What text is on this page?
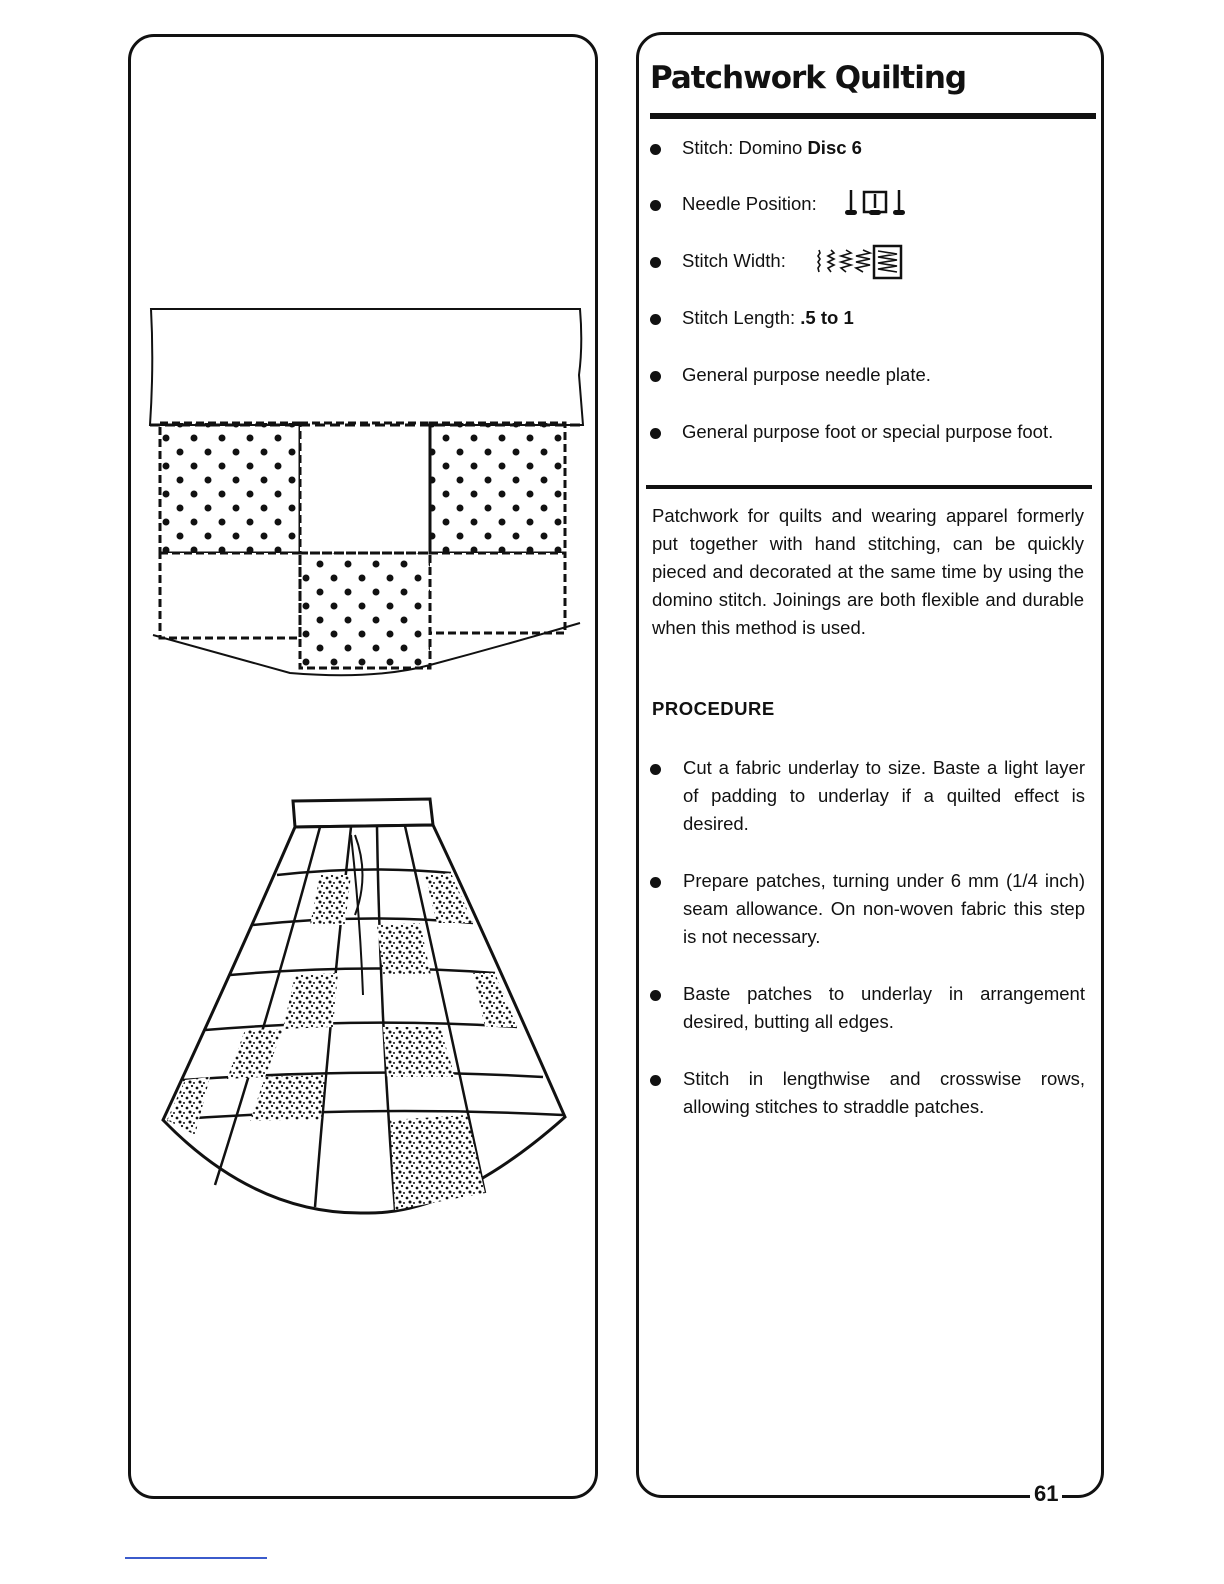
Patchwork Quilting
Stitch: Domino Disc 6
Needle Position:
Stitch Width:
Stitch Length: .5 to 1
General purpose needle plate.
General purpose foot or special purpose foot.

Patchwork for quilts and wearing apparel formerly put together with hand stitching, can be quickly pieced and decorated at the same time by using the domino stitch. Joinings are both flexible and durable when this method is used.

PROCEDURE
Cut a fabric underlay to size. Baste a light layer of padding to underlay if a quilted effect is desired.
Prepare patches, turning under 6 mm (1/4 inch) seam allowance. On non-woven fabric this step is not necessary.
Baste patches to underlay in arrangement desired, butting all edges.
Stitch in lengthwise and crosswise rows, allowing stitches to straddle patches.
61
